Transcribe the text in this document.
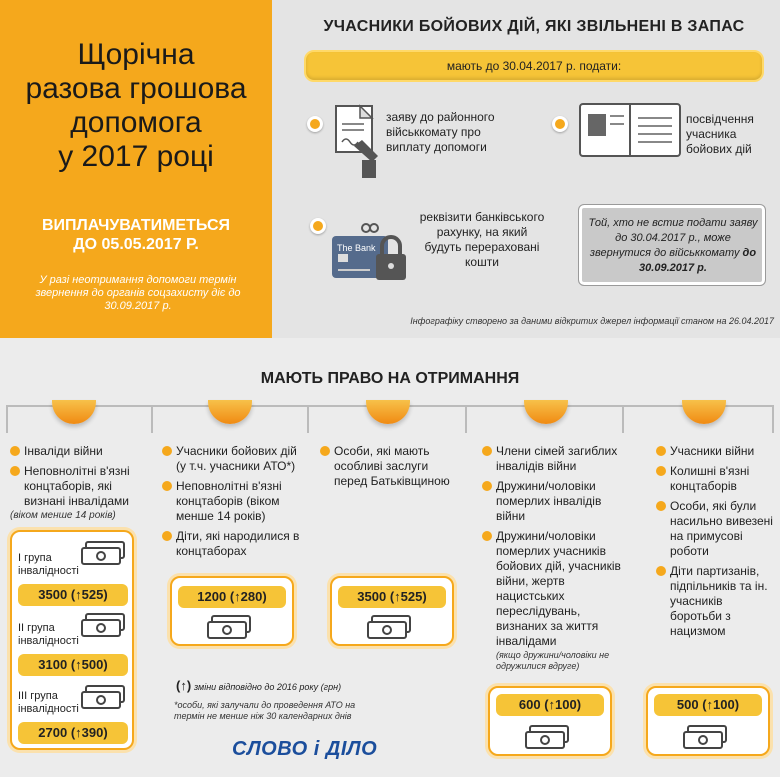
Щорічна
разова грошова
допомога
у 2017 році
ВИПЛАЧУВАТИМЕТЬСЯ
ДО 05.05.2017 Р.
У разі неотримання допомоги термін звернення до органів соцзахисту діє до 30.09.2017 р.
УЧАСНИКИ БОЙОВИХ ДІЙ, ЯКІ ЗВІЛЬНЕНІ В ЗАПАС
мають до 30.04.2017 р. подати:
заяву до районного військкомату про виплату допомоги
посвідчення учасника бойових дій
The Bank
реквізити банківського рахунку, на який будуть перераховані кошти
Той, хто не встиг подати заяву до 30.04.2017 р., може звернутися до військкомату до 30.09.2017 р.
Інфографіку створено за даними відкритих джерел інформації станом на 26.04.2017
МАЮТЬ ПРАВО НА ОТРИМАННЯ
Інваліди війни
Неповнолітні в'язні концтаборів, які визнані інвалідами
(віком менше 14 років)
І група інвалідності
3500 (↑525)
ІІ група інвалідності
3100 (↑500)
ІІІ група інвалідності
2700 (↑390)
Учасники бойових дій (у т.ч. учасники АТО*)
Неповнолітні в'язні концтаборів (віком менше 14 років)
Діти, які народилися в концтаборах
1200 (↑280)
Особи, які мають особливі заслуги перед Батьківщиною
3500 (↑525)
Члени сімей загиблих інвалідів війни
Дружини/чоловіки померлих інвалідів війни
Дружини/чоловіки померлих учасників бойових дій, учасників війни, жертв нацистських переслідувань, визнаних за життя інвалідами
(якщо дружини/чоловіки не одружилися вдруге)
600 (↑100)
Учасники війни
Колишні в'язні концтаборів
Особи, які були насильно вивезені на примусові роботи
Діти партизанів, підпільників та ін. учасників боротьби з нацизмом
500 (↑100)
(↑) зміни відповідно до 2016 року (грн)
*особи, які залучали до проведення АТО на термін не менше ніж 30 календарних днів
СЛОВО і ДІЛО
